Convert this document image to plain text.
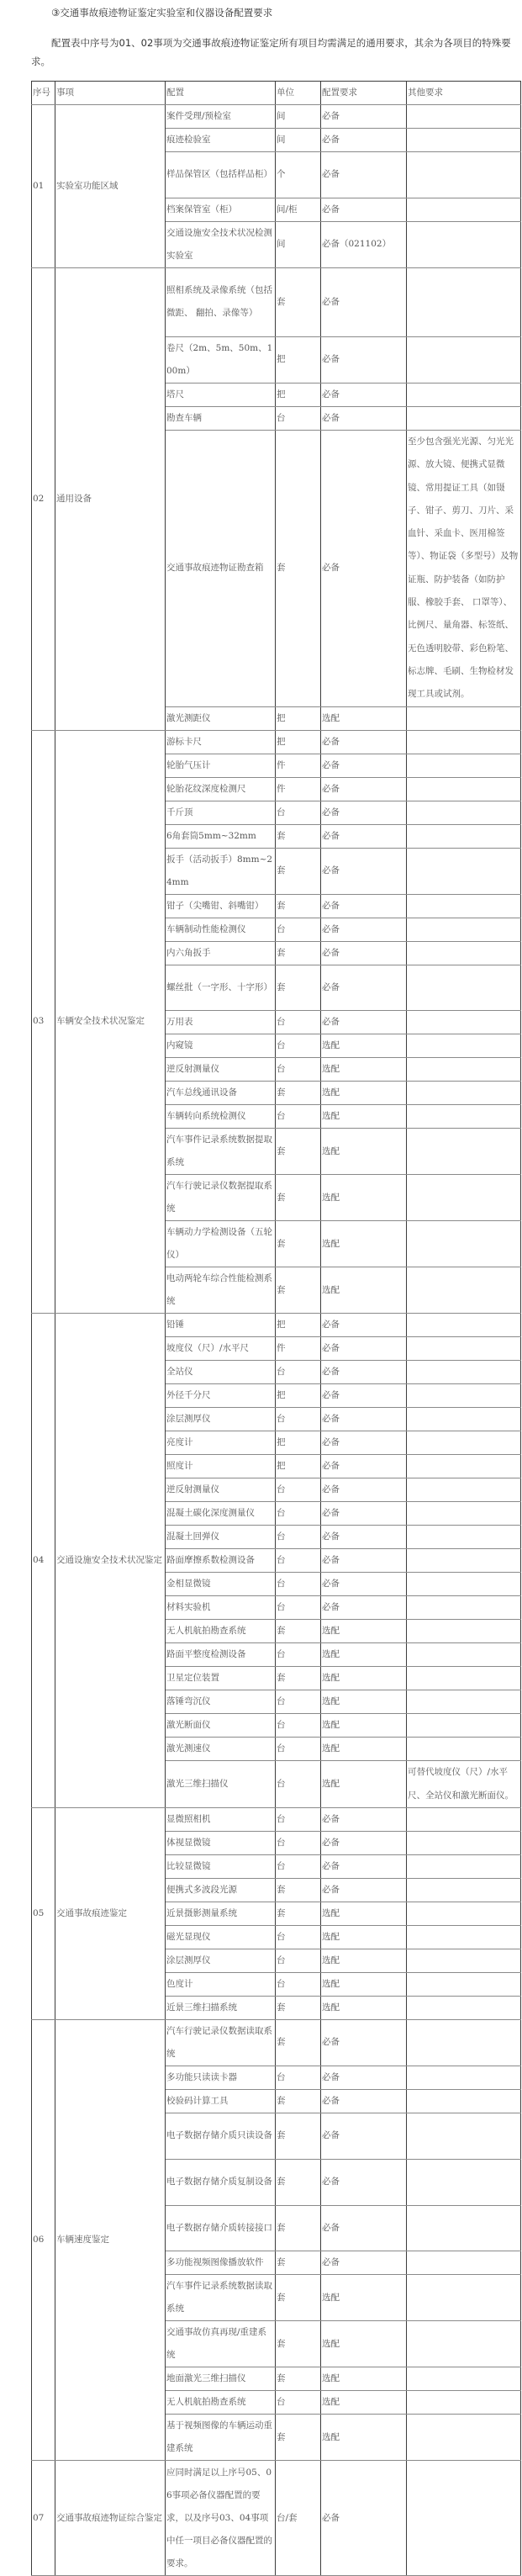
③交通事故痕迹物证鉴定实验室和仪器设备配置要求
配置表中序号为01、02事项为交通事故痕迹物证鉴定所有项目均需满足的通用要求，其余为各项目的特殊要求。
序号	事项	配置	单位	配置要求	其他要求
01	实验室功能区域	案件受理/预检室	间	必备	
		痕迹检验室	间	必备	
		样品保管区（包括样品柜）	个	必备	
		档案保管室（柜）	间/柜	必备	
		交通设施安全技术状况检测实验室	间	必备（021102）	
02	通用设备	照相系统及录像系统（包括微距、 翻拍、录像等）	套	必备	
		卷尺（2m、5m、50m、100m）	把	必备	
		塔尺	把	必备	
		勘查车辆	台	必备	
		交通事故痕迹物证勘查箱	套	必备	至少包含强光光源、匀光光源、放大镜、便携式显微镜、常用提证工具（如镊子、钳子、剪刀、刀片、采血针、采血卡、医用棉签等）、物证袋（多型号）及物证瓶、防护装备（如防护服、橡胶手套、 口罩等）、比例尺、量角器、标签纸、无色透明胶带、彩色粉笔、标志牌、毛刷、生物检材发现工具或试剂。
		激光测距仪	把	选配	
03	车辆安全技术状况鉴定	游标卡尺	把	必备	
		轮胎气压计	件	必备	
		轮胎花纹深度检测尺	件	必备	
		千斤顶	台	必备	
		6角套筒5mm~32mm	套	必备	
		扳手（活动扳手）8mm~24mm	套	必备	
		钳子（尖嘴钳、斜嘴钳）	套	必备	
		车辆制动性能检测仪	台	必备	
		内六角扳手	套	必备	
		螺丝批（一字形、十字形）	套	必备	
		万用表	台	必备	
		内窥镜	台	选配	
		逆反射测量仪	台	选配	
		汽车总线通讯设备	套	选配	
		车辆转向系统检测仪	台	选配	
		汽车事件记录系统数据提取系统	套	选配	
		汽车行驶记录仪数据提取系统	套	选配	
		车辆动力学检测设备（五轮仪）	套	选配	
		电动两轮车综合性能检测系统	套	选配	
04	交通设施安全技术状况鉴定	铅锤	把	必备	
		坡度仪（尺）/水平尺	件	必备	
		全站仪	台	必备	
		外径千分尺	把	必备	
		涂层测厚仪	台	必备	
		亮度计	把	必备	
		照度计	把	必备	
		逆反射测量仪	台	必备	
		混凝土碳化深度测量仪	台	必备	
		混凝土回弹仪	台	必备	
		路面摩擦系数检测设备	台	必备	
		金相显微镜	台	必备	
		材料实验机	台	必备	
		无人机航拍勘查系统	套	选配	
		路面平整度检测设备	台	选配	
		卫星定位装置	套	选配	
		落锤弯沉仪	台	选配	
		激光断面仪	台	选配	
		激光测速仪	台	选配	
		激光三维扫描仪	台	选配	可替代坡度仪（尺）/水平尺、全站仪和激光断面仪。
05	交通事故痕迹鉴定	显微照相机	台	必备	
		体视显微镜	台	必备	
		比较显微镜	台	必备	
		便携式多波段光源	套	必备	
		近景摄影测量系统	套	选配	
		磁光显现仪	台	选配	
		涂层测厚仪	台	选配	
		色度计	台	选配	
		近景三维扫描系统	套	选配	
06	车辆速度鉴定	汽车行驶记录仪数据读取系统	套	必备	
		多功能只读读卡器	台	必备	
		校验码计算工具	套	必备	
		电子数据存储介质只读设备	套	必备	
		电子数据存储介质复制设备	套	必备	
		电子数据存储介质转接接口	套	必备	
		多功能视频图像播放软件	套	必备	
		汽车事件记录系统数据读取系统	套	选配	
		交通事故仿真再现/重建系统	套	选配	
		地面激光三维扫描仪	套	选配	
		无人机航拍勘查系统	台	选配	
		基于视频图像的车辆运动重建系统	套	选配	
07	交通事故痕迹物证综合鉴定	应同时满足以上序号05、06事项必备仪器配置的要求，以及序号03、04事项中任一项目必备仪器配置的要求。	台/套	必备	
